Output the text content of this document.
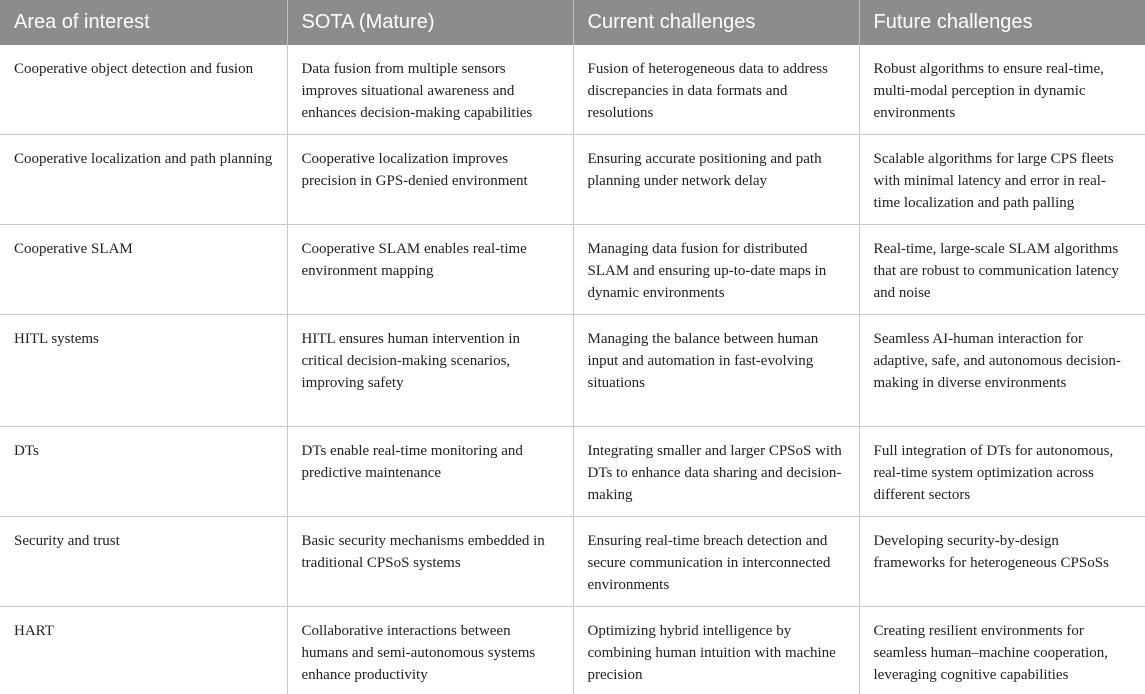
Area of interest	SOTA (Mature)	Current challenges	Future challenges
Cooperative object detection and fusion	Data fusion from multiple sensors improves situational awareness and enhances decision-making capabilities	Fusion of heterogeneous data to address discrepancies in data formats and resolutions	Robust algorithms to ensure real-time, multi-modal perception in dynamic environments
Cooperative localization and path planning	Cooperative localization improves precision in GPS-denied environment	Ensuring accurate positioning and path planning under network delay	Scalable algorithms for large CPS fleets with minimal latency and error in real-time localization and path palling
Cooperative SLAM	Cooperative SLAM enables real-time environment mapping	Managing data fusion for distributed SLAM and ensuring up-to-date maps in dynamic environments	Real-time, large-scale SLAM algorithms that are robust to communication latency and noise
HITL systems	HITL ensures human intervention in critical decision-making scenarios, improving safety	Managing the balance between human input and automation in fast-evolving situations	Seamless AI-human interaction for adaptive, safe, and autonomous decision-making in diverse environments
DTs	DTs enable real-time monitoring and predictive maintenance	Integrating smaller and larger CPSoS with DTs to enhance data sharing and decision-making	Full integration of DTs for autonomous, real-time system optimization across different sectors
Security and trust	Basic security mechanisms embedded in traditional CPSoS systems	Ensuring real-time breach detection and secure communication in interconnected environments	Developing security-by-design frameworks for heterogeneous CPSoSs
HART	Collaborative interactions between humans and semi-autonomous systems enhance productivity	Optimizing hybrid intelligence by combining human intuition with machine precision	Creating resilient environments for seamless human–machine cooperation, leveraging cognitive capabilities
